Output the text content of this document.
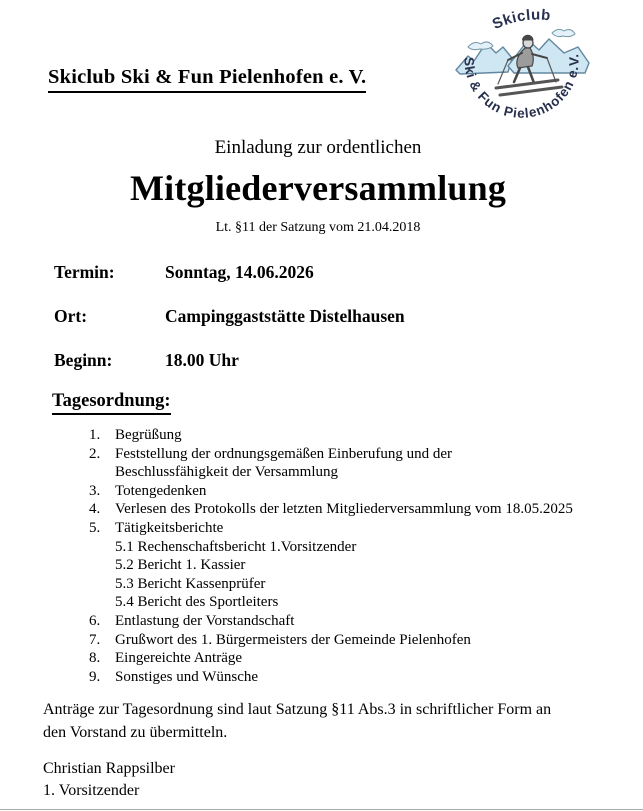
Skiclub Ski & Fun Pielenhofen e. V.
Skiclub
Ski & Fun Pielenhofen e.V.
Einladung zur ordentlichen
Mitgliederversammlung
Lt. §11 der Satzung vom 21.04.2018
Termin:	Sonntag, 14.06.2026
Ort:	Campinggaststätte Distelhausen
Beginn:	18.00 Uhr
Tagesordnung:
1. Begrüßung
2. Feststellung der ordnungsgemäßen Einberufung und der
Beschlussfähigkeit der Versammlung
3. Totengedenken
4. Verlesen des Protokolls der letzten Mitgliederversammlung vom 18.05.2025
5. Tätigkeitsberichte
5.1 Rechenschaftsbericht 1.Vorsitzender
5.2 Bericht 1. Kassier
5.3 Bericht Kassenprüfer
5.4 Bericht des Sportleiters
6. Entlastung der Vorstandschaft
7. Grußwort des 1. Bürgermeisters der Gemeinde Pielenhofen
8. Eingereichte Anträge
9. Sonstiges und Wünsche
Anträge zur Tagesordnung sind laut Satzung §11 Abs.3 in schriftlicher Form an
den Vorstand zu übermitteln.
Christian Rappsilber
1. Vorsitzender
